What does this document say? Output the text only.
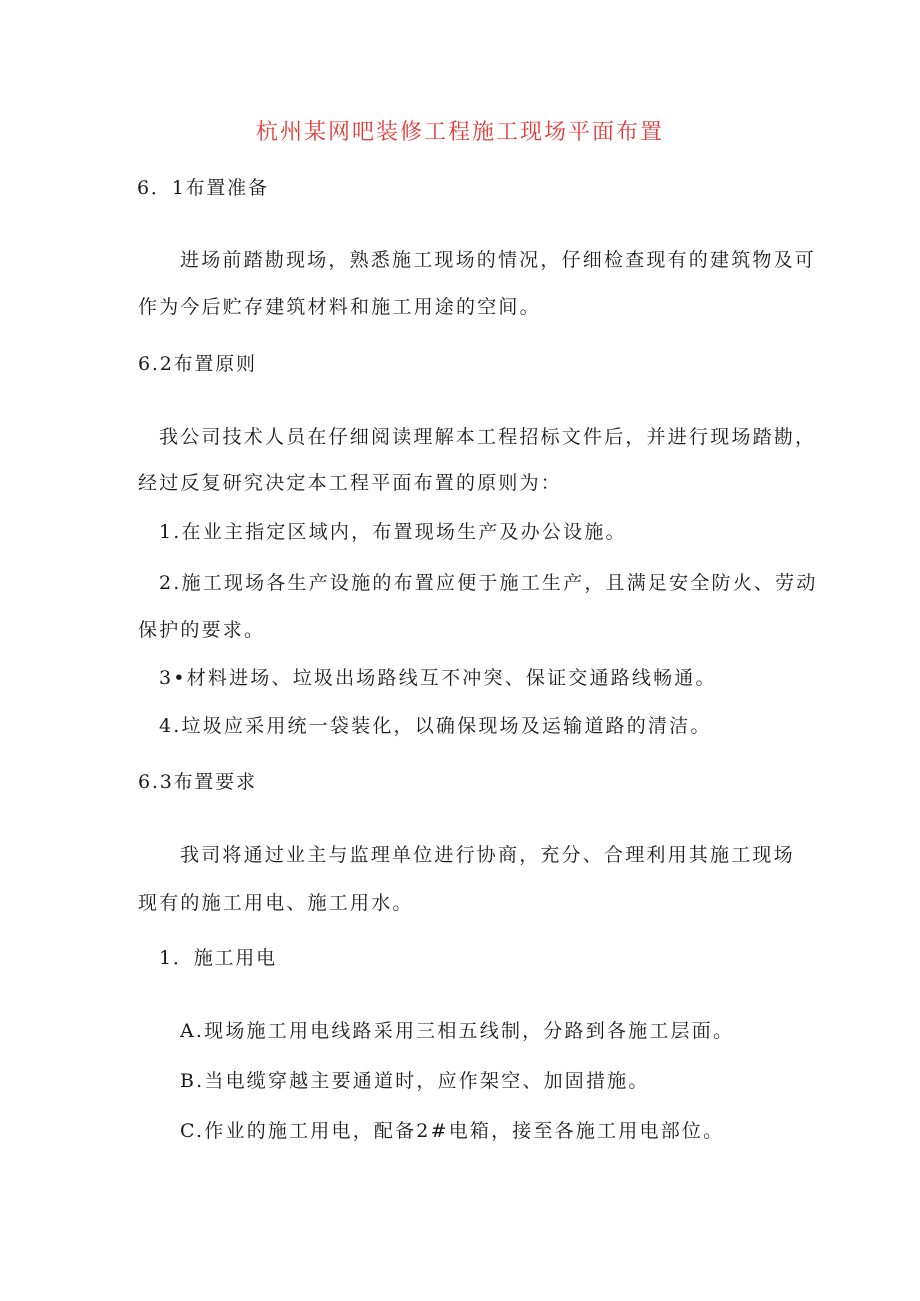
杭州某网吧装修工程施工现场平面布置
6．1布置准备
进场前踏勘现场，熟悉施工现场的情况，仔细检查现有的建筑物及可
作为今后贮存建筑材料和施工用途的空间。
6.2布置原则
我公司技术人员在仔细阅读理解本工程招标文件后，并进行现场踏勘，
经过反复研究决定本工程平面布置的原则为：
1.在业主指定区域内，布置现场生产及办公设施。
2.施工现场各生产设施的布置应便于施工生产，且满足安全防火、劳动
保护的要求。
3•材料进场、垃圾出场路线互不冲突、保证交通路线畅通。
4.垃圾应采用统一袋装化，以确保现场及运输道路的清洁。
6.3布置要求
我司将通过业主与监理单位进行协商，充分、合理利用其施工现场
现有的施工用电、施工用水。
1．施工用电
A.现场施工用电线路采用三相五线制，分路到各施工层面。
B.当电缆穿越主要通道时，应作架空、加固措施。
C.作业的施工用电，配备2#电箱，接至各施工用电部位。
